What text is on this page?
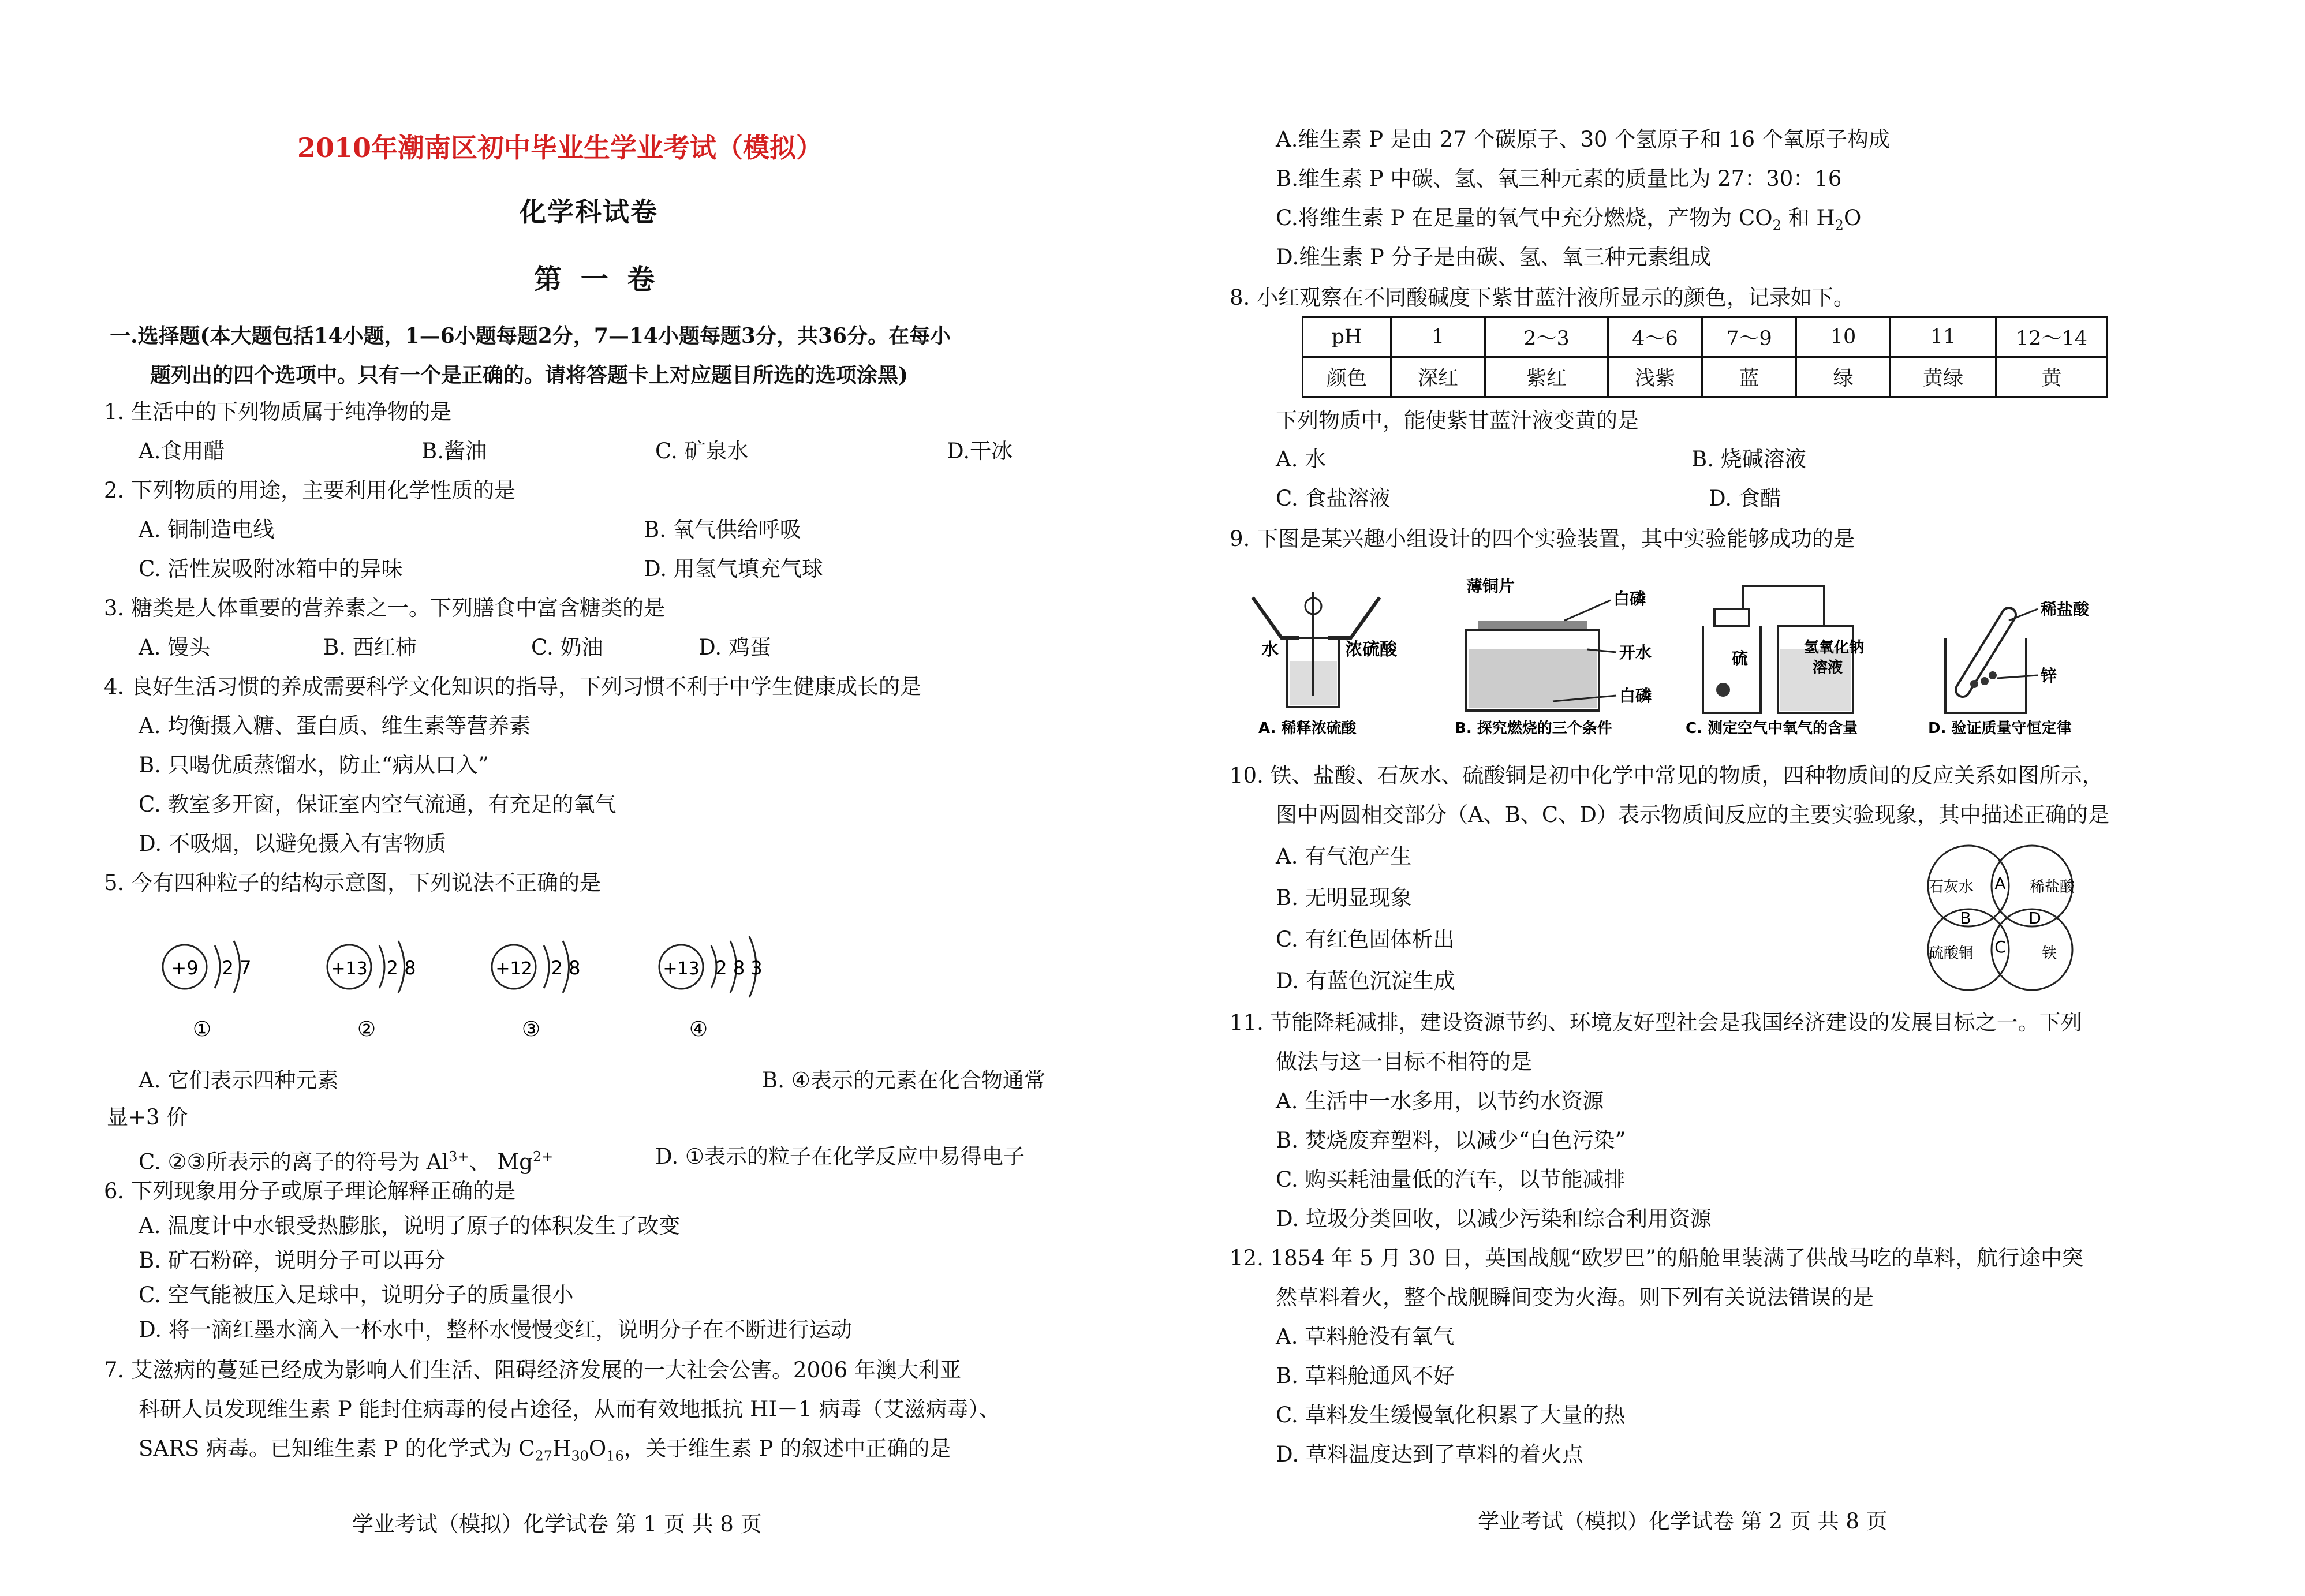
2010年潮南区初中毕业生学业考试（模拟）
化学科试卷
第 一 卷
一.选择题(本大题包括14小题，1—6小题每题2分，7—14小题每题3分，共36分。在每小
题列出的四个选项中。只有一个是正确的。请将答题卡上对应题目所选的选项涂黑)
1. 生活中的下列物质属于纯净物的是
A.食用醋	B.酱油	C. 矿泉水	D.干冰
2. 下列物质的用途，主要利用化学性质的是
A. 铜制造电线	B. 氧气供给呼吸
C. 活性炭吸附冰箱中的异味	D. 用氢气填充气球
3. 糖类是人体重要的营养素之一。下列膳食中富含糖类的是
A. 馒头	B. 西红柿	C. 奶油	D. 鸡蛋
4. 良好生活习惯的养成需要科学文化知识的指导，下列习惯不利于中学生健康成长的是
A. 均衡摄入糖、蛋白质、维生素等营养素
B. 只喝优质蒸馏水，防止“病从口入”
C. 教室多开窗，保证室内空气流通，有充足的氧气
D. 不吸烟，以避免摄入有害物质
5. 今有四种粒子的结构示意图，下列说法不正确的是
+9 2 7
①
+13 2 8
②
+12 2 8
③
+13 2 8 3
④
A. 它们表示四种元素	B. ④表示的元素在化合物通常
显+3 价
C. ②③所表示的离子的符号为 $Al^{3+}$、 $Mg^{2+}$	D. ①表示的粒子在化学反应中易得电子
6. 下列现象用分子或原子理论解释正确的是
A. 温度计中水银受热膨胀，说明了原子的体积发生了改变
B. 矿石粉碎，说明分子可以再分
C. 空气能被压入足球中，说明分子的质量很小
D. 将一滴红墨水滴入一杯水中，整杯水慢慢变红，说明分子在不断进行运动
7. 艾滋病的蔓延已经成为影响人们生活、阻碍经济发展的一大社会公害。2006 年澳大利亚
科研人员发现维生素 P 能封住病毒的侵占途径，从而有效地抵抗 HI－1 病毒（艾滋病毒）、
SARS 病毒。已知维生素 P 的化学式为 $C_{27}H_{30}O_{16}$，关于维生素 P 的叙述中正确的是
学业考试（模拟）化学试卷 第 1 页 共 8 页
A.维生素 P 是由 27 个碳原子、30 个氢原子和 16 个氧原子构成
B.维生素 P 中碳、氢、氧三种元素的质量比为 27：30：16
C.将维生素 P 在足量的氧气中充分燃烧，产物为 $CO_2$ 和 $H_2O$
D.维生素 P 分子是由碳、氢、氧三种元素组成
8. 小红观察在不同酸碱度下紫甘蓝汁液所显示的颜色，记录如下。
pH	1	2～3	4～6	7～9	10	11	12～14
颜色	深红	紫红	浅紫	蓝	绿	黄绿	黄
下列物质中，能使紫甘蓝汁液变黄的是
A. 水	B. 烧碱溶液
C. 食盐溶液	D. 食醋
9. 下图是某兴趣小组设计的四个实验装置，其中实验能够成功的是
水	浓硫酸
A. 稀释浓硫酸
薄铜片
白磷
开水
白磷
B. 探究燃烧的三个条件
硫
氢氧化钠
溶液
C. 测定空气中氧气的含量
稀盐酸
锌
D. 验证质量守恒定律
10. 铁、盐酸、石灰水、硫酸铜是初中化学中常见的物质，四种物质间的反应关系如图所示，
图中两圆相交部分（A、B、C、D）表示物质间反应的主要实验现象，其中描述正确的是
A. 有气泡产生
B. 无明显现象
C. 有红色固体析出
D. 有蓝色沉淀生成
石灰水	稀盐酸
硫酸铜	铁
A
B
C
D
11. 节能降耗减排，建设资源节约、环境友好型社会是我国经济建设的发展目标之一。下列
做法与这一目标不相符的是
A. 生活中一水多用，以节约水资源
B. 焚烧废弃塑料，以减少“白色污染”
C. 购买耗油量低的汽车，以节能减排
D. 垃圾分类回收，以减少污染和综合利用资源
12. 1854 年 5 月 30 日，英国战舰“欧罗巴”的船舱里装满了供战马吃的草料，航行途中突
然草料着火，整个战舰瞬间变为火海。则下列有关说法错误的是
A. 草料舱没有氧气
B. 草料舱通风不好
C. 草料发生缓慢氧化积累了大量的热
D. 草料温度达到了草料的着火点
学业考试（模拟）化学试卷 第 2 页 共 8 页
